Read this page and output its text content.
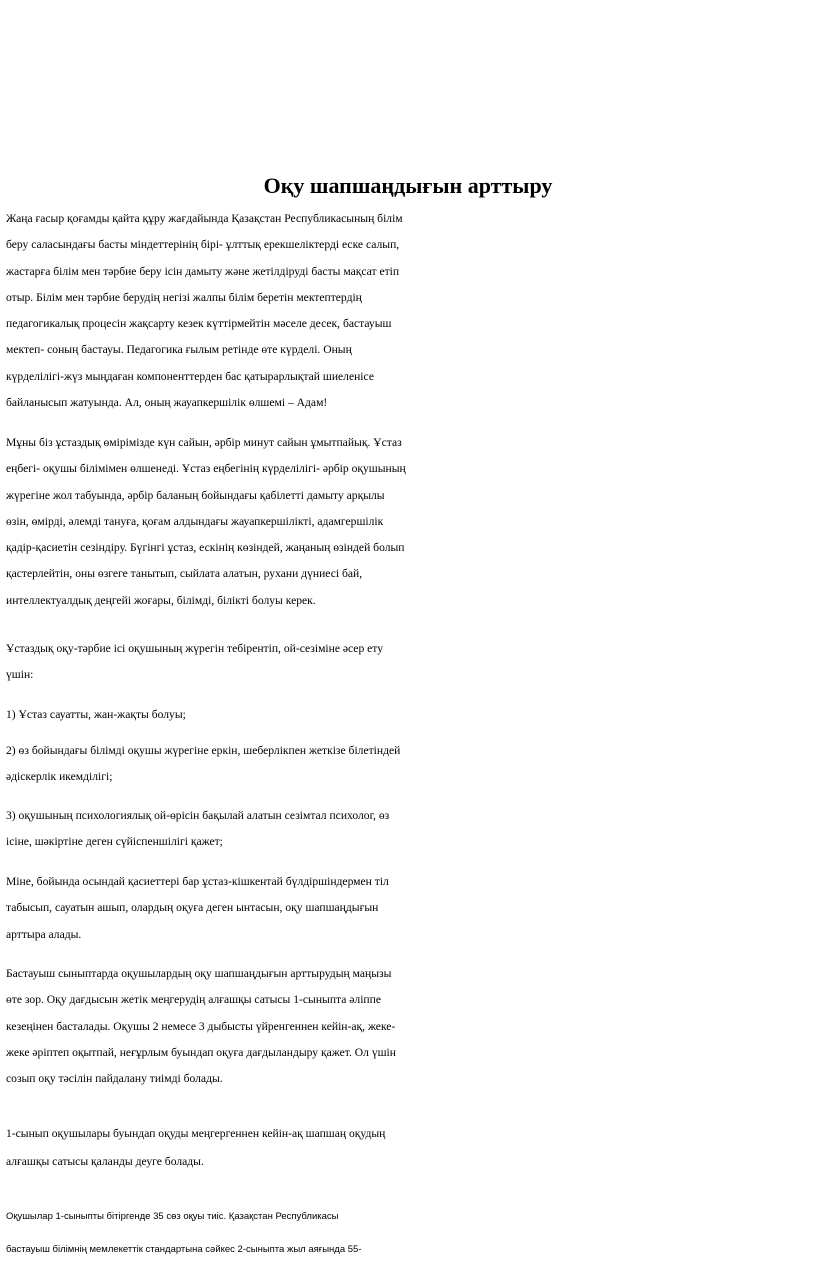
Оқу шапшаңдығын арттыру
Жаңа ғасыр қоғамды қайта құру жағдайында Қазақстан Республикасының білім
беру саласындағы басты міндеттерінің бірі- ұлттық ерекшеліктерді еске салып,
жастарға білім мен тәрбие беру ісін дамыту және жетілдіруді басты мақсат етіп
отыр. Білім мен тәрбие берудің негізі жалпы білім беретін мектептердің
педагогикалық процесін жақсарту кезек күттірмейтін мәселе десек, бастауыш
мектеп- соның бастауы. Педагогика ғылым ретінде өте күрделі. Оның
күрделілігі-жүз мыңдаған компоненттерден бас қатырарлықтай шиеленісе
байланысып жатуында. Ал, оның жауапкершілік өлшемі – Адам!
Мұны біз ұстаздық өмірімізде күн сайын, әрбір минут сайын ұмытпайық. Ұстаз
еңбегі- оқушы білімімен өлшенеді. Ұстаз еңбегінің күрделілігі- әрбір оқушының
жүрегіне жол табуында, әрбір баланың бойындағы қабілетті дамыту арқылы
өзін, өмірді, әлемді тануға, қоғам алдындағы жауапкершілікті, адамгершілік
қадір-қасиетін сезіндіру. Бүгінгі ұстаз, ескінің көзіндей, жаңаның өзіндей болып
қастерлейтін, оны өзгеге танытып, сыйлата алатын, рухани дүниесі бай,
интеллектуалдық деңгейі жоғары, білімді, білікті болуы керек.
Ұстаздық оқу-тәрбие ісі оқушының жүрегін тебірентіп, ой-сезіміне әсер ету
үшін:
1) Ұстаз сауатты, жан-жақты болуы;
2) өз бойындағы білімді оқушы жүрегіне еркін, шеберлікпен жеткізе білетіндей
әдіскерлік икемділігі;
3) оқушының психологиялық ой-өрісін бақылай алатын сезімтал психолог, өз
ісіне, шәкіртіне деген сүйіспеншілігі қажет;
Міне, бойында осындай қасиеттері бар ұстаз-кішкентай бүлдіршіндермен тіл
табысып, сауатын ашып, олардың оқуға деген ынтасын, оқу шапшаңдығын
арттыра алады.
Бастауыш сыныптарда оқушылардың оқу шапшаңдығын арттырудың маңызы
өте зор. Оқу дағдысын жетік меңгерудің алғашқы сатысы 1-сыныпта әліппе
кезеңінен басталады. Оқушы 2 немесе 3 дыбысты үйренгеннен кейін-ақ, жеке-
жеке әріптеп оқытпай, неғұрлым буындап оқуға дағдыландыру қажет. Ол үшін
созып оқу тәсілін пайдалану тиімді болады.
1-сынып оқушылары буындап оқуды меңгергеннен кейін-ақ шапшаң оқудың
алғашқы сатысы қаланды деуге болады.
Оқушылар 1-сыныпты бітіргенде 35 сөз оқуы тиіс. Қазақстан Республикасы
бастауыш білімнің мемлекеттік стандартына сәйкес 2-сыныпта жыл аяғында 55-
